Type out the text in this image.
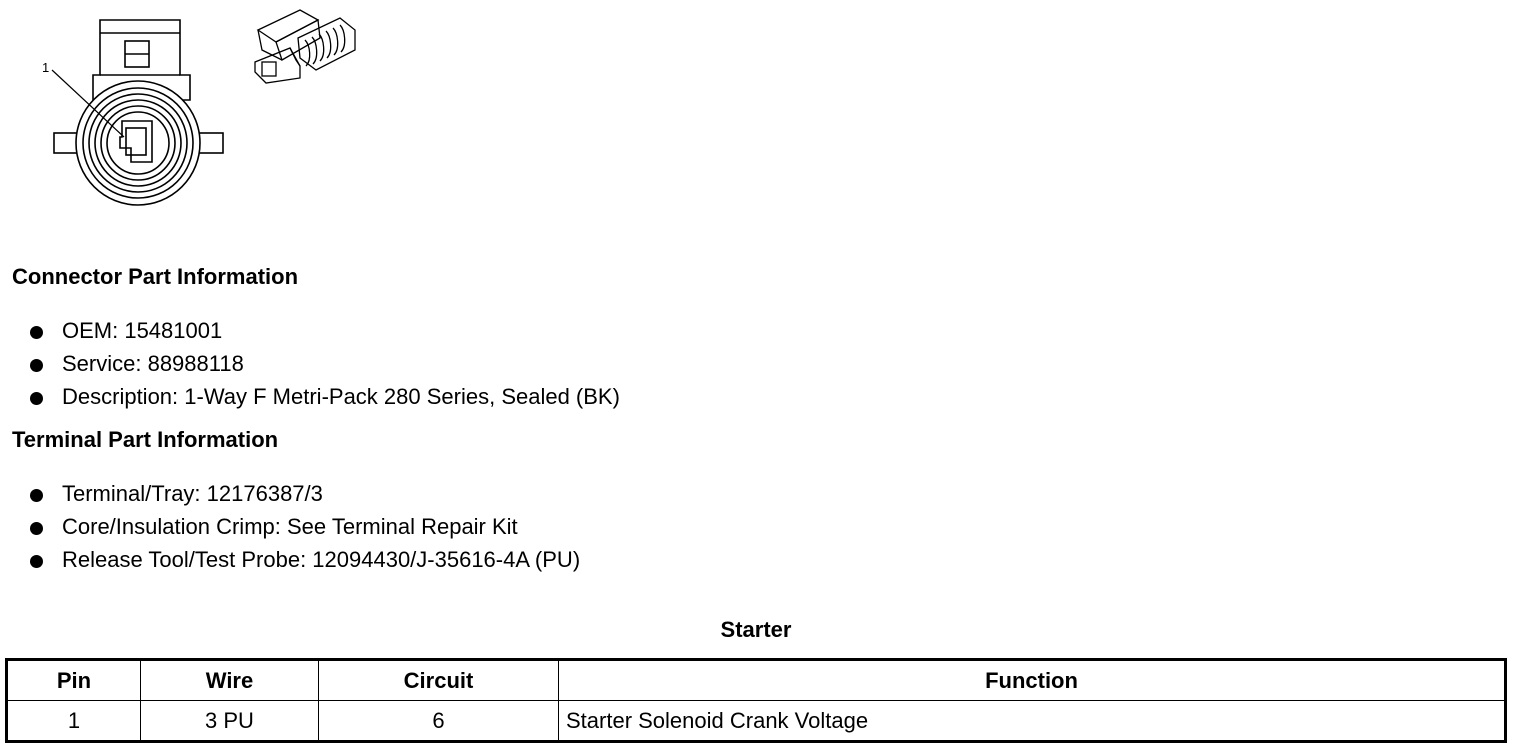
1
Connector Part Information
OEM: 15481001
Service: 88988118
Description: 1-Way F Metri-Pack 280 Series, Sealed (BK)
Terminal Part Information
Terminal/Tray: 12176387/3
Core/Insulation Crimp: See Terminal Repair Kit
Release Tool/Test Probe: 12094430/J-35616-4A (PU)
Starter
Pin	Wire	Circuit	Function
1	3 PU	6	Starter Solenoid Crank Voltage
